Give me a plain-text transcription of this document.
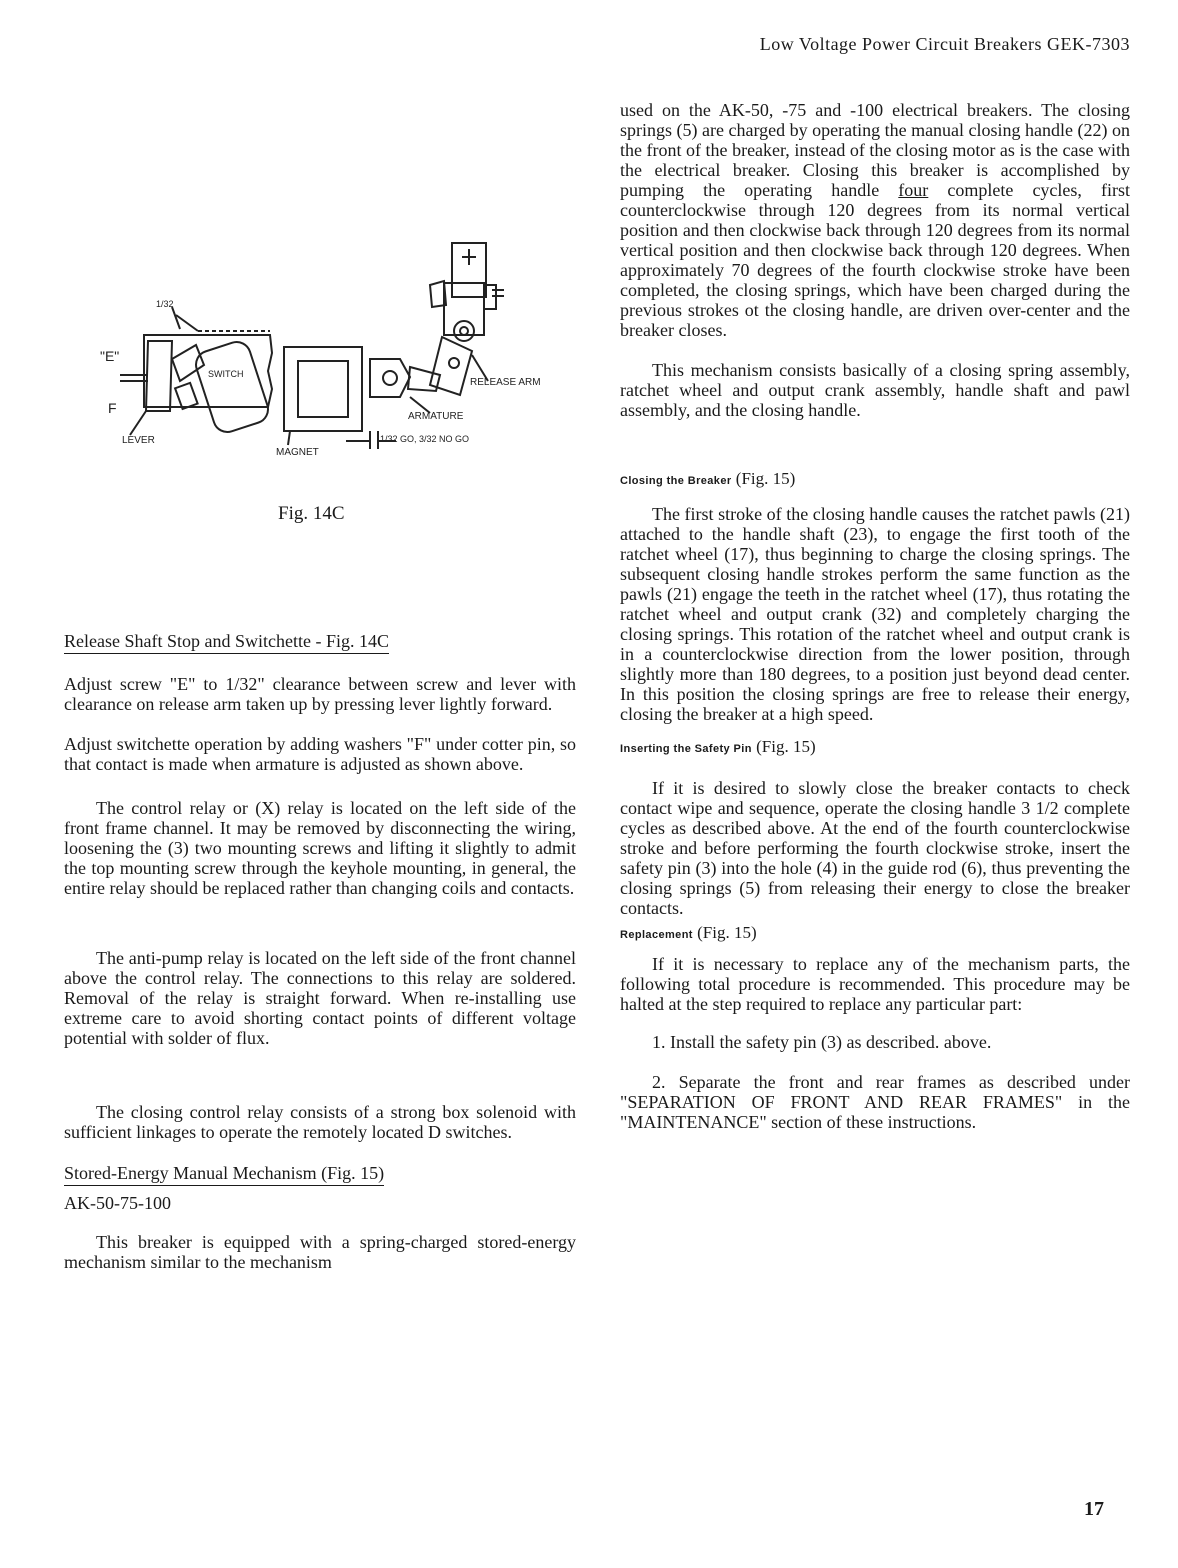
Low Voltage Power Circuit Breakers GEK-7303
1/32
"E"
F
LEVER
SWITCH
MAGNET
ARMATURE
RELEASE ARM
1/32 GO, 3/32 NO GO
Fig. 14C
Release Shaft Stop and Switchette - Fig. 14C

Adjust screw "E" to 1/32" clearance between screw and lever with clearance on release arm taken up by pressing lever lightly forward.

Adjust switchette operation by adding washers "F" under cotter pin, so that contact is made when armature is adjusted as shown above.

The control relay or (X) relay is located on the left side of the front frame channel. It may be removed by disconnecting the wiring, loosening the (3) two mounting screws and lifting it slightly to admit the top mounting screw through the keyhole mounting, in general, the entire relay should be replaced rather than changing coils and contacts.

The anti-pump relay is located on the left side of the front channel above the control relay. The connections to this relay are soldered. Removal of the relay is straight forward. When re-installing use extreme care to avoid shorting contact points of different voltage potential with solder of flux.

The closing control relay consists of a strong box solenoid with sufficient linkages to operate the remotely located D switches.

Stored-Energy Manual Mechanism (Fig. 15)
AK-50-75-100

This breaker is equipped with a spring-charged stored-energy mechanism similar to the mechanism

used on the AK-50, -75 and -100 electrical breakers. The closing springs (5) are charged by operating the manual closing handle (22) on the front of the breaker, instead of the closing motor as is the case with the electrical breaker. Closing this breaker is accomplished by pumping the operating handle four complete cycles, first counterclockwise through 120 degrees from its normal vertical position and then clockwise back through 120 degrees from its normal vertical position and then clockwise back through 120 degrees. When approximately 70 degrees of the fourth clockwise stroke have been completed, the closing springs, which have been charged during the previous strokes ot the closing handle, are driven over-center and the breaker closes.

This mechanism consists basically of a closing spring assembly, ratchet wheel and output crank assembly, handle shaft and pawl assembly, and the closing handle.

Closing the Breaker (Fig. 15)

The first stroke of the closing handle causes the ratchet pawls (21) attached to the handle shaft (23), to engage the first tooth of the ratchet wheel (17), thus beginning to charge the closing springs. The subsequent closing handle strokes perform the same function as the pawls (21) engage the teeth in the ratchet wheel (17), thus rotating the ratchet wheel and output crank (32) and completely charging the closing springs. This rotation of the ratchet wheel and output crank is in a counterclockwise direction from the lower position, through slightly more than 180 degrees, to a position just beyond dead center. In this position the closing springs are free to release their energy, closing the breaker at a high speed.

Inserting the Safety Pin (Fig. 15)

If it is desired to slowly close the breaker contacts to check contact wipe and sequence, operate the closing handle 3 1/2 complete cycles as described above. At the end of the fourth counterclockwise stroke and before performing the fourth clockwise stroke, insert the safety pin (3) into the hole (4) in the guide rod (6), thus preventing the closing springs (5) from releasing their energy to close the breaker contacts.

Replacement (Fig. 15)

If it is necessary to replace any of the mechanism parts, the following total procedure is recommended. This procedure may be halted at the step required to replace any particular part:

1. Install the safety pin (3) as described. above.

2. Separate the front and rear frames as described under "SEPARATION OF FRONT AND REAR FRAMES" in the "MAINTENANCE" section of these instructions.

17
